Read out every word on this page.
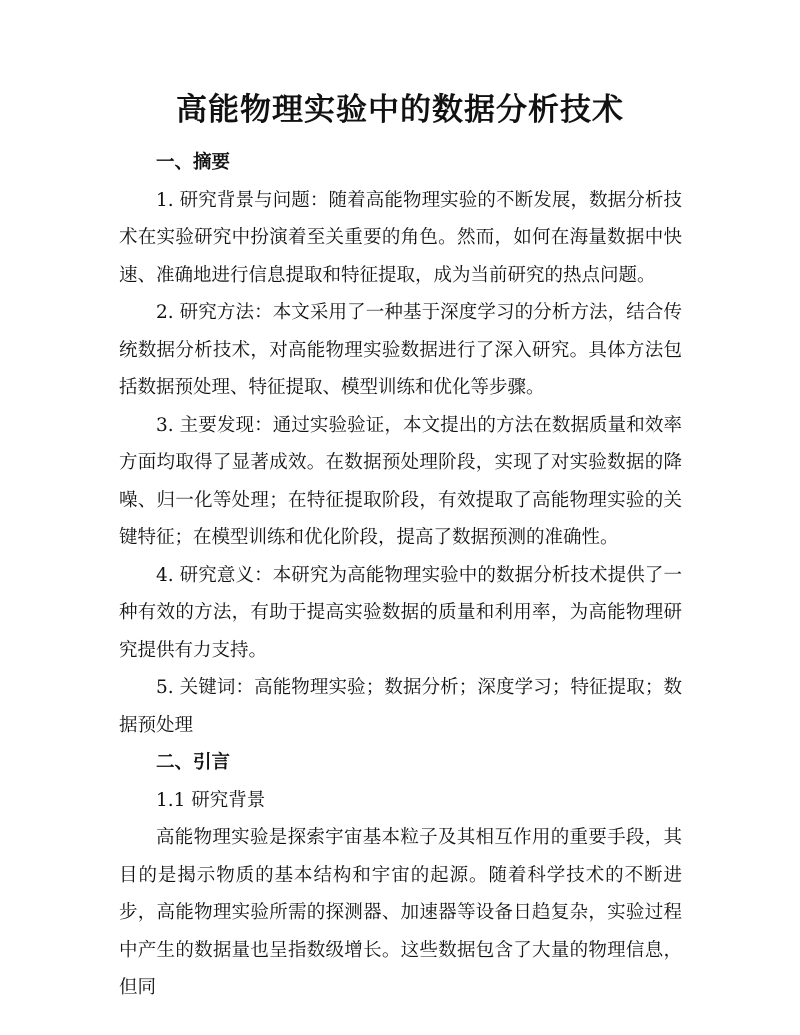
高能物理实验中的数据分析技术

一、摘要

1. 研究背景与问题：随着高能物理实验的不断发展，数据分析技术在实验研究中扮演着至关重要的角色。然而，如何在海量数据中快速、准确地进行信息提取和特征提取，成为当前研究的热点问题。

2. 研究方法：本文采用了一种基于深度学习的分析方法，结合传统数据分析技术，对高能物理实验数据进行了深入研究。具体方法包括数据预处理、特征提取、模型训练和优化等步骤。

3. 主要发现：通过实验验证，本文提出的方法在数据质量和效率方面均取得了显著成效。在数据预处理阶段，实现了对实验数据的降噪、归一化等处理；在特征提取阶段，有效提取了高能物理实验的关键特征；在模型训练和优化阶段，提高了数据预测的准确性。

4. 研究意义：本研究为高能物理实验中的数据分析技术提供了一种有效的方法，有助于提高实验数据的质量和利用率，为高能物理研究提供有力支持。

5. 关键词：高能物理实验；数据分析；深度学习；特征提取；数据预处理

二、引言

1.1 研究背景

高能物理实验是探索宇宙基本粒子及其相互作用的重要手段，其目的是揭示物质的基本结构和宇宙的起源。随着科学技术的不断进步，高能物理实验所需的探测器、加速器等设备日趋复杂，实验过程中产生的数据量也呈指数级增长。这些数据包含了大量的物理信息，但同
